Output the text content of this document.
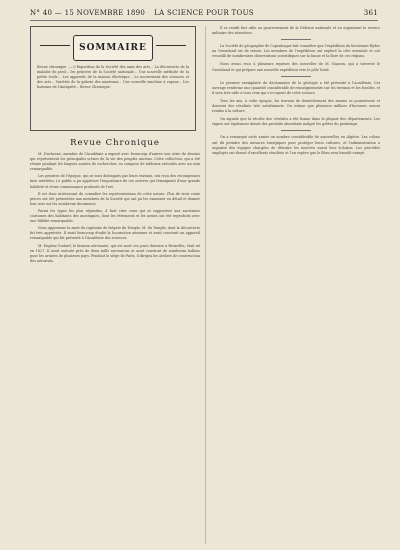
N° 40 — 15 NOVEMBRE 1890	LA SCIENCE POUR TOUS	361
SOMMAIRE
Revue chronique. — L'Exposition de la Société des amis des arts... La découverte de la maladie du pied... les peintres de la Société nationale... Une nouvelle méthode de la petite école... Les appareils de la maison électrique... Le mouvement des sciences et des arts... Variétés de la galerie des minéraux... Une nouvelle machine à vapeur... Les hommes de l'Antiquité... Revue Chronique.
Revue Chronique

M. Duchesne, membre de l'Académie a exposé avec beaucoup d'autres une série de dessins qui représentent les principales scènes de la vie des peuples anciens. Cette collection, qui a été réunie pendant les longues années de recherches, se compose de tableaux exécutés avec un soin remarquable.

Les peintres de l'époque, qui se sont distingués par leurs travaux, ont reçu des récompenses bien méritées. Le public a pu apprécier l'importance de ces œuvres qui témoignent d'une grande habileté et d'une connaissance profonde de l'art.

Il est donc intéressant de connaître les représentations de cette nature. Plus de trois cents pièces ont été présentées aux membres de la Société qui ont pu les examiner en détail et donner leur avis sur les nombreux documents.

Parmi les types les plus répandus, il faut citer ceux qui se rapportent aux anciennes coutumes des habitants des montagnes, dont les vêtements et les armes ont été reproduits avec une fidélité remarquable.

Nous apprenons la mort du capitaine de frégate du Temple, M. du Temple, dont la découverte fut très appréciée. Il avait beaucoup étudié la locomotion aérienne et avait construit un appareil remarquable qui fut présenté à l'Académie des sciences.

M. Eugène Godard, le fameux aéronaute, qui est mort ces jours derniers à Bruxelles, était né en 1827. Il avait exécuté près de deux mille ascensions et avait construit de nombreux ballons pour les armées de plusieurs pays. Pendant le siège de Paris, il dirigea les ateliers de construction des aérostats.

Il se rendit fort utile au gouvernement de la Défense nationale et en organisant le service militaire des aérostiers.

La Société de géographie de Copenhague fait connaître que l'expédition du lieutenant Ryder au Groenland est de retour. Les membres de l'expédition ont exploré la côte orientale et ont recueilli de nombreuses observations scientifiques sur la faune et la flore de ces régions.

Nous avons reçu à plusieurs reprises des nouvelles de M. Nansen, qui a traversé le Groenland et qui prépare une nouvelle expédition vers le pôle Nord.

Le premier exemplaire du dictionnaire de la géologie a été présenté à l'Académie. Cet ouvrage renferme une quantité considérable de renseignements sur les terrains et les fossiles, et il sera très utile à tous ceux qui s'occupent de cette science.

Tous les ans, à cette époque, les travaux de dessèchement des marais se poursuivent et donnent des résultats très satisfaisants. On estime que plusieurs milliers d'hectares seront rendus à la culture.

On signale que la récolte des céréales a été bonne dans la plupart des départements. Les vignes ont également donné des produits abondants malgré les gelées du printemps.

On a remarqué cette année un nombre considérable de sauterelles en Algérie. Les colons ont dû prendre des mesures énergiques pour protéger leurs cultures, et l'administration a organisé des équipes chargées de détruire les insectes avant leur éclosion. Les procédés employés ont donné d'excellents résultats et l'on espère que le fléau sera bientôt enrayé.
